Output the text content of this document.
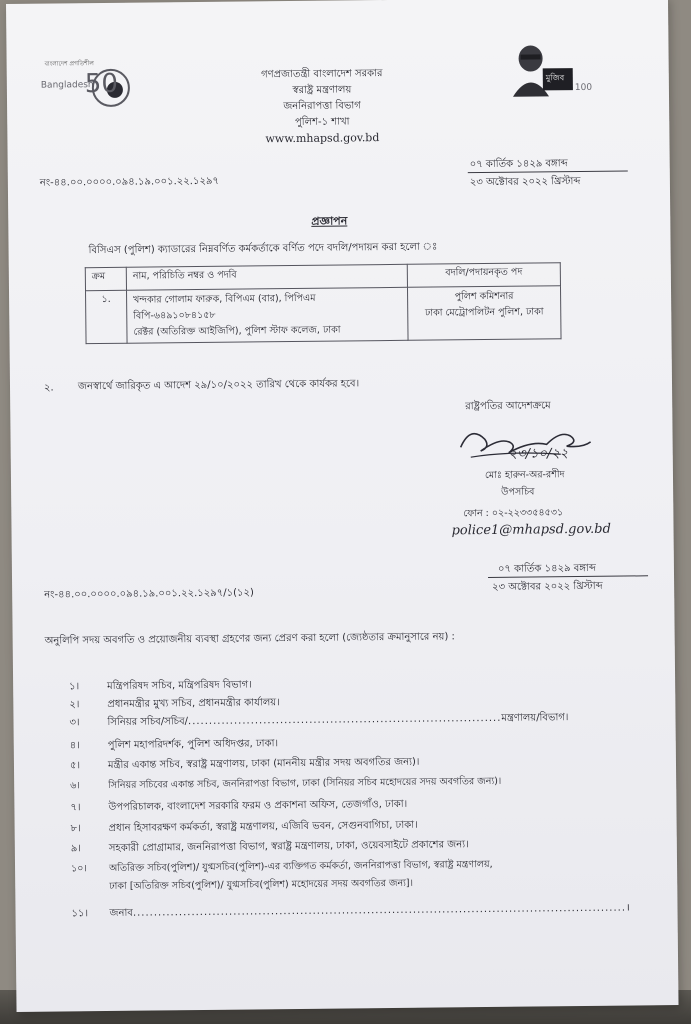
বাংলাদেশ প্রগতিশীল
Bangladesh
50	100
মুজিব
গণপ্রজাতন্ত্রী বাংলাদেশ সরকার
স্বরাষ্ট্র মন্ত্রণালয়
জননিরাপত্তা বিভাগ
পুলিশ-১ শাখা
www.mhapsd.gov.bd
নং-৪৪.০০.০০০০.০৯৪.১৯.০০১.২২.১২৯৭
০৭ কার্তিক ১৪২৯ বঙ্গাব্দ
২৩ অক্টোবর ২০২২ খ্রিস্টাব্দ
প্রজ্ঞাপন
বিসিএস (পুলিশ) ক্যাডারের নিম্নবর্ণিত কর্মকর্তাকে বর্ণিত পদে বদলি/পদায়ন করা হলো ঃ
ক্রম	নাম, পরিচিতি নম্বর ও পদবি	বদলি/পদায়নকৃত পদ
১.	খন্দকার গোলাম ফারুক, বিপিএম (বার), পিপিএম
বিপি-৬৪৯১০৮৪১৫৮
রেক্টর (অতিরিক্ত আইজিপি), পুলিশ স্টাফ কলেজ, ঢাকা	পুলিশ কমিশনার
ঢাকা মেট্রোপলিটন পুলিশ, ঢাকা
২. জনস্বার্থে জারিকৃত এ আদেশ ২৯/১০/২০২২ তারিখ থেকে কার্যকর হবে।
রাষ্ট্রপতির আদেশক্রমে
২৩/১০/২২
মোঃ হারুন-অর-রশীদ
উপসচিব
ফোন : ০২-২২৩৩৫৪৫৩১
police1@mhapsd.gov.bd
০৭ কার্তিক ১৪২৯ বঙ্গাব্দ
২৩ অক্টোবর ২০২২ খ্রিস্টাব্দ
নং-৪৪.০০.০০০০.০৯৪.১৯.০০১.২২.১২৯৭/১(১২)
অনুলিপি সদয় অবগতি ও প্রয়োজনীয় ব্যবস্থা গ্রহণের জন্য প্রেরণ করা হলো (জ্যেষ্ঠতার ক্রমানুসারে নয়) :
১।	মন্ত্রিপরিষদ সচিব, মন্ত্রিপরিষদ বিভাগ।
২।	প্রধানমন্ত্রীর মুখ্য সচিব, প্রধানমন্ত্রীর কার্যালয়।
৩।	সিনিয়র সচিব/সচিব/...........................................................................মন্ত্রণালয়/বিভাগ।
৪।	পুলিশ মহাপরিদর্শক, পুলিশ অধিদপ্তর, ঢাকা।
৫।	মন্ত্রীর একান্ত সচিব, স্বরাষ্ট্র মন্ত্রণালয়, ঢাকা (মাননীয় মন্ত্রীর সদয় অবগতির জন্য)।
৬।	সিনিয়র সচিবের একান্ত সচিব, জননিরাপত্তা বিভাগ, ঢাকা (সিনিয়র সচিব মহোদয়ের সদয় অবগতির জন্য)।
৭।	উপপরিচালক, বাংলাদেশ সরকারি ফরম ও প্রকাশনা অফিস, তেজগাঁও, ঢাকা।
৮।	প্রধান হিসাবরক্ষণ কর্মকর্তা, স্বরাষ্ট্র মন্ত্রণালয়, এজিবি ভবন, সেগুনবাগিচা, ঢাকা।
৯।	সহকারী প্রোগ্রামার, জননিরাপত্তা বিভাগ, স্বরাষ্ট্র মন্ত্রণালয়, ঢাকা, ওয়েবসাইটে প্রকাশের জন্য।
১০। অতিরিক্ত সচিব(পুলিশ)/ যুগ্মসচিব(পুলিশ)-এর ব্যক্তিগত কর্মকর্তা, জননিরাপত্তা বিভাগ, স্বরাষ্ট্র মন্ত্রণালয়,
ঢাকা [অতিরিক্ত সচিব(পুলিশ)/ যুগ্মসচিব(পুলিশ) মহোদয়ের সদয় অবগতির জন্য]।
১১। জনাব......................................................................................................................।
